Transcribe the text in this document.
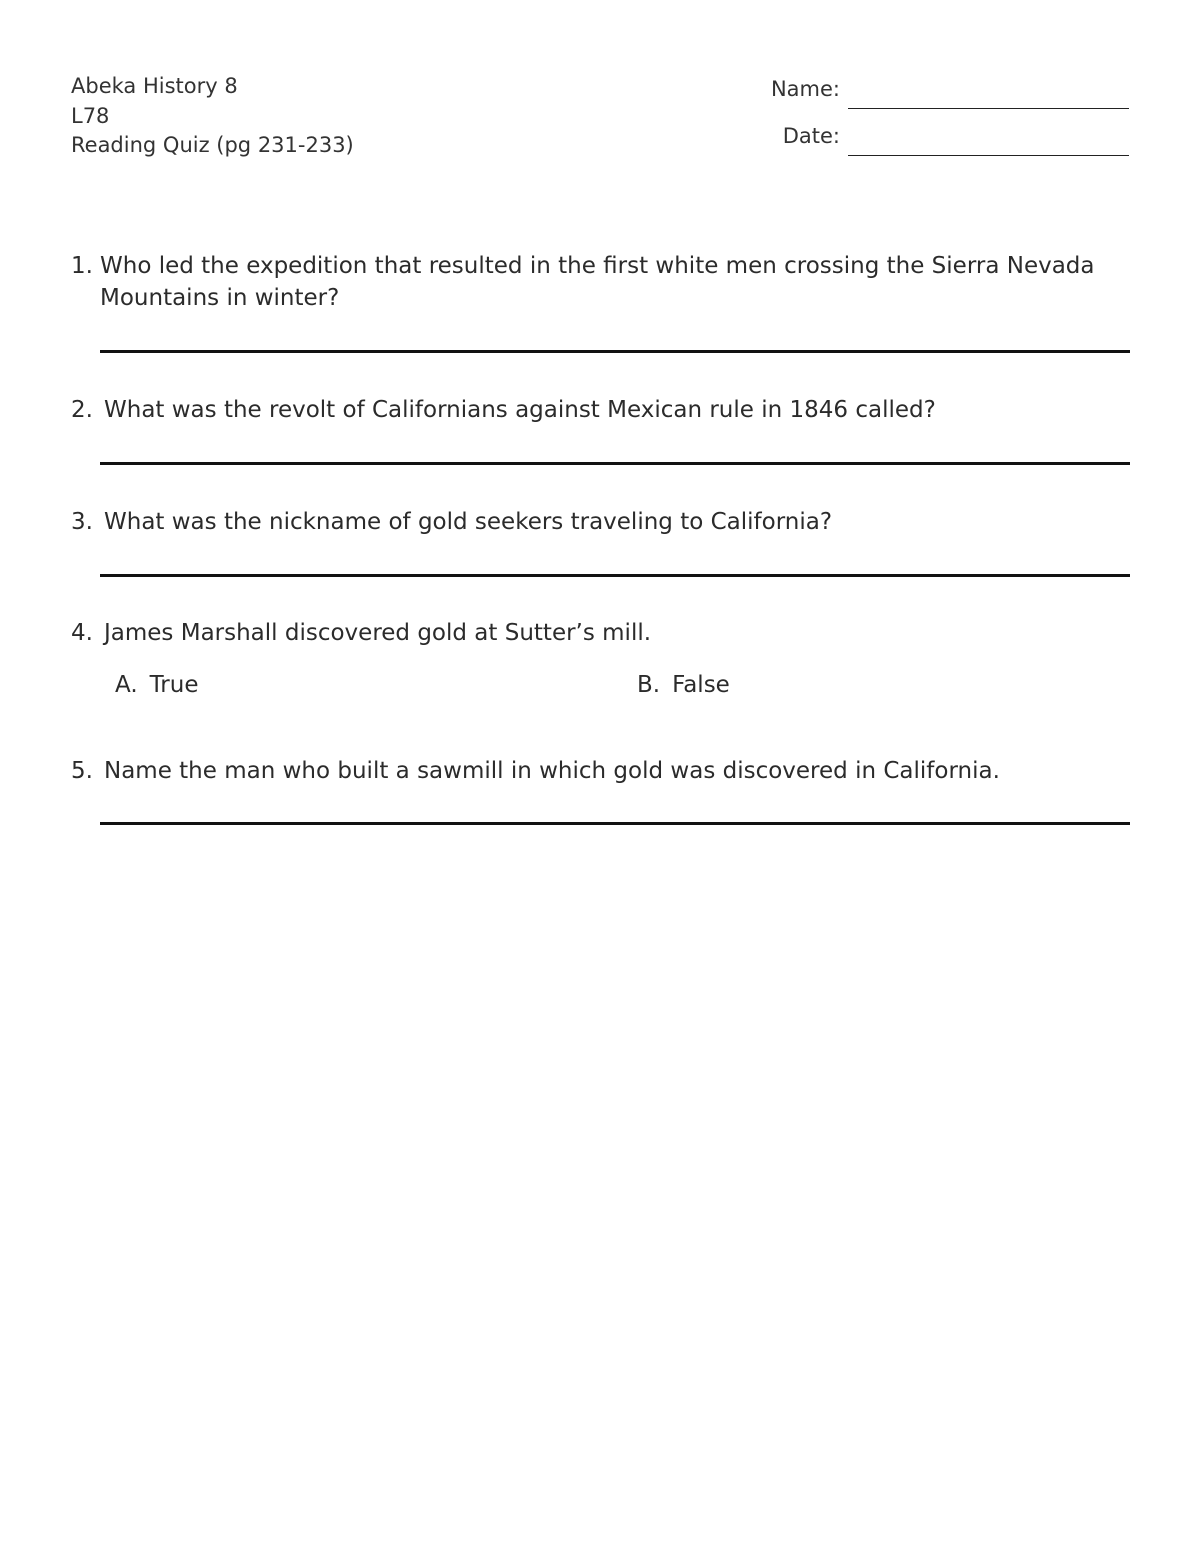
Abeka History 8
L78
Reading Quiz (pg 231-233)
Name:
Date:
1. Who led the expedition that resulted in the first white men crossing the Sierra Nevada Mountains in winter?
2. What was the revolt of Californians against Mexican rule in 1846 called?
3. What was the nickname of gold seekers traveling to California?
4. James Marshall discovered gold at Sutter’s mill.
A. True	B. False
5. Name the man who built a sawmill in which gold was discovered in California.
